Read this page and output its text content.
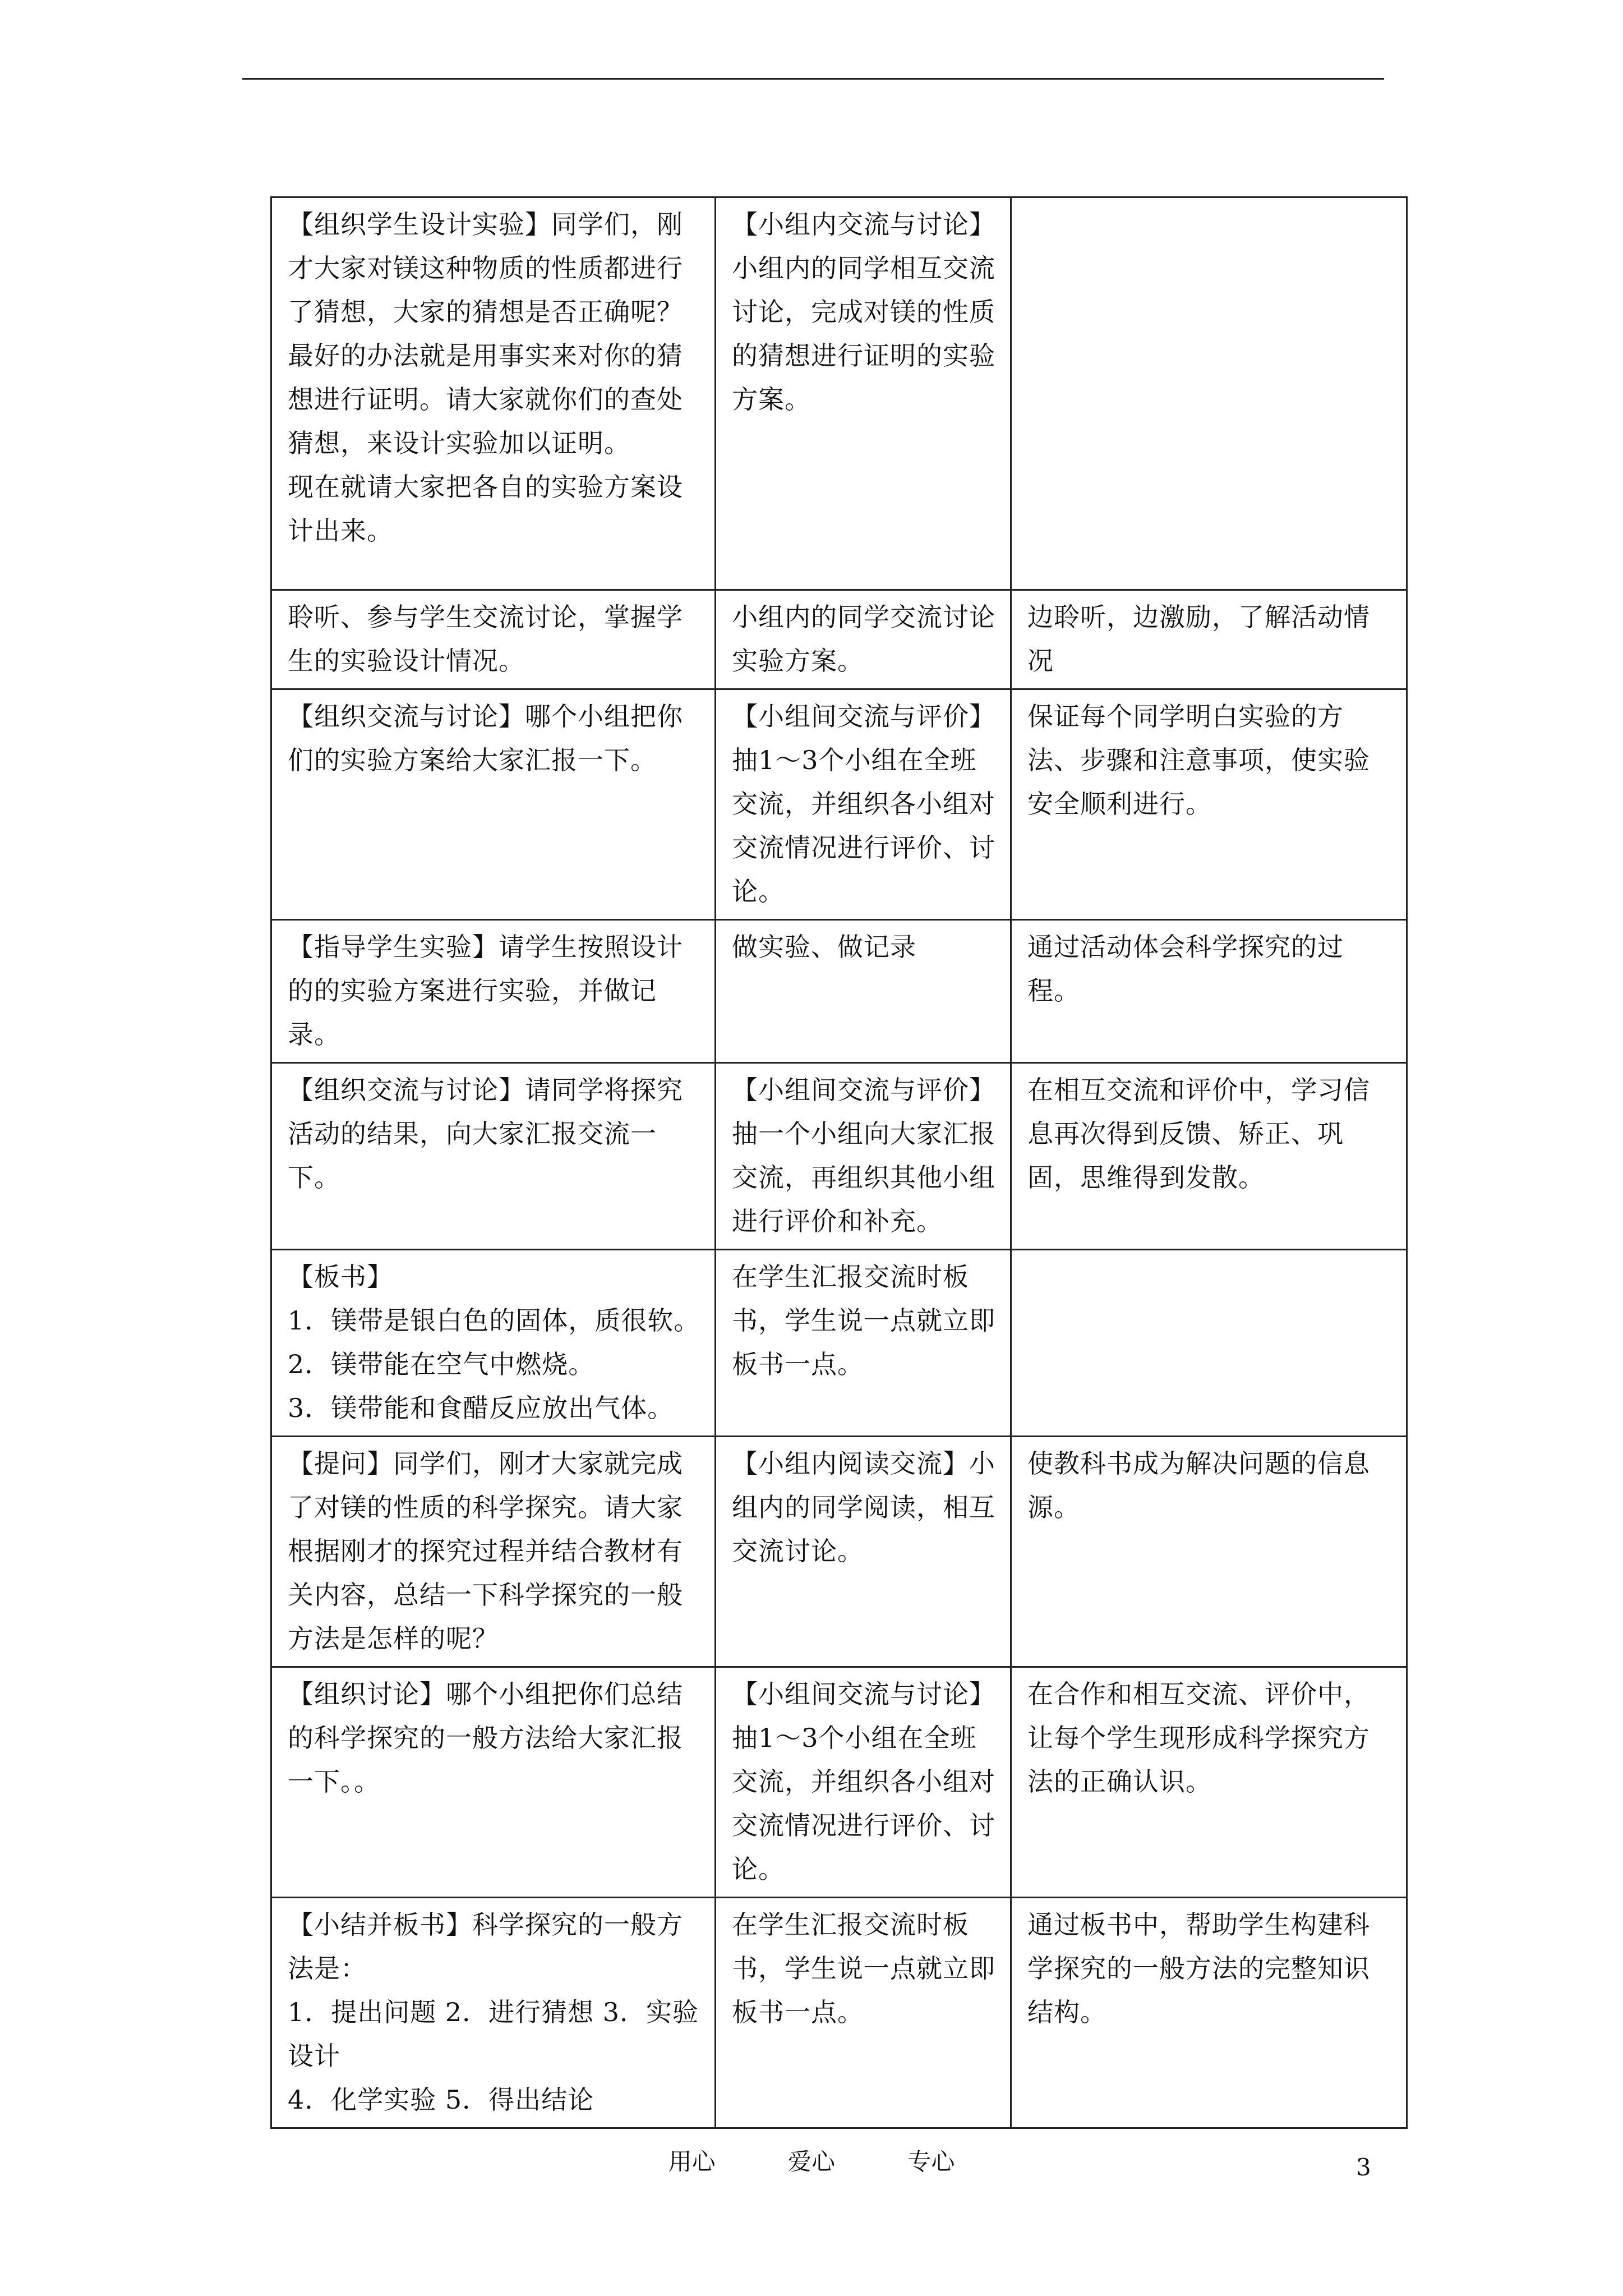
【组织学生设计实验】同学们，刚才大家对镁这种物质的性质都进行了猜想，大家的猜想是否正确呢？最好的办法就是用事实来对你的猜想进行证明。请大家就你们的查处猜想，来设计实验加以证明。
现在就请大家把各自的实验方案设计出来。	【小组内交流与讨论】小组内的同学相互交流讨论，完成对镁的性质的猜想进行证明的实验方案。	

聆听、参与学生交流讨论，掌握学生的实验设计情况。	小组内的同学交流讨论实验方案。	边聆听，边激励，了解活动情况

【组织交流与讨论】哪个小组把你们的实验方案给大家汇报一下。	【小组间交流与评价】抽1～3个小组在全班交流，并组织各小组对交流情况进行评价、讨论。	保证每个同学明白实验的方法、步骤和注意事项，使实验安全顺利进行。

【指导学生实验】请学生按照设计的的实验方案进行实验，并做记录。	做实验、做记录	通过活动体会科学探究的过程。

【组织交流与讨论】请同学将探究活动的结果，向大家汇报交流一下。	【小组间交流与评价】抽一个小组向大家汇报交流，再组织其他小组进行评价和补充。	在相互交流和评价中，学习信息再次得到反馈、矫正、巩固，思维得到发散。

【板书】
1．镁带是银白色的固体，质很软。
2．镁带能在空气中燃烧。
3．镁带能和食醋反应放出气体。	在学生汇报交流时板书，学生说一点就立即板书一点。	

【提问】同学们，刚才大家就完成了对镁的性质的科学探究。请大家根据刚才的探究过程并结合教材有关内容，总结一下科学探究的一般方法是怎样的呢？	【小组内阅读交流】小组内的同学阅读，相互交流讨论。	使教科书成为解决问题的信息源。

【组织讨论】哪个小组把你们总结的科学探究的一般方法给大家汇报一下。。	【小组间交流与讨论】抽1～3个小组在全班交流，并组织各小组对交流情况进行评价、讨论。	在合作和相互交流、评价中，让每个学生现形成科学探究方法的正确认识。

【小结并板书】科学探究的一般方法是：
1．提出问题 2．进行猜想 3．实验设计
4．化学实验 5．得出结论	在学生汇报交流时板书，学生说一点就立即板书一点。	通过板书中，帮助学生构建科学探究的一般方法的完整知识结构。
用心	爱心	专心	3
